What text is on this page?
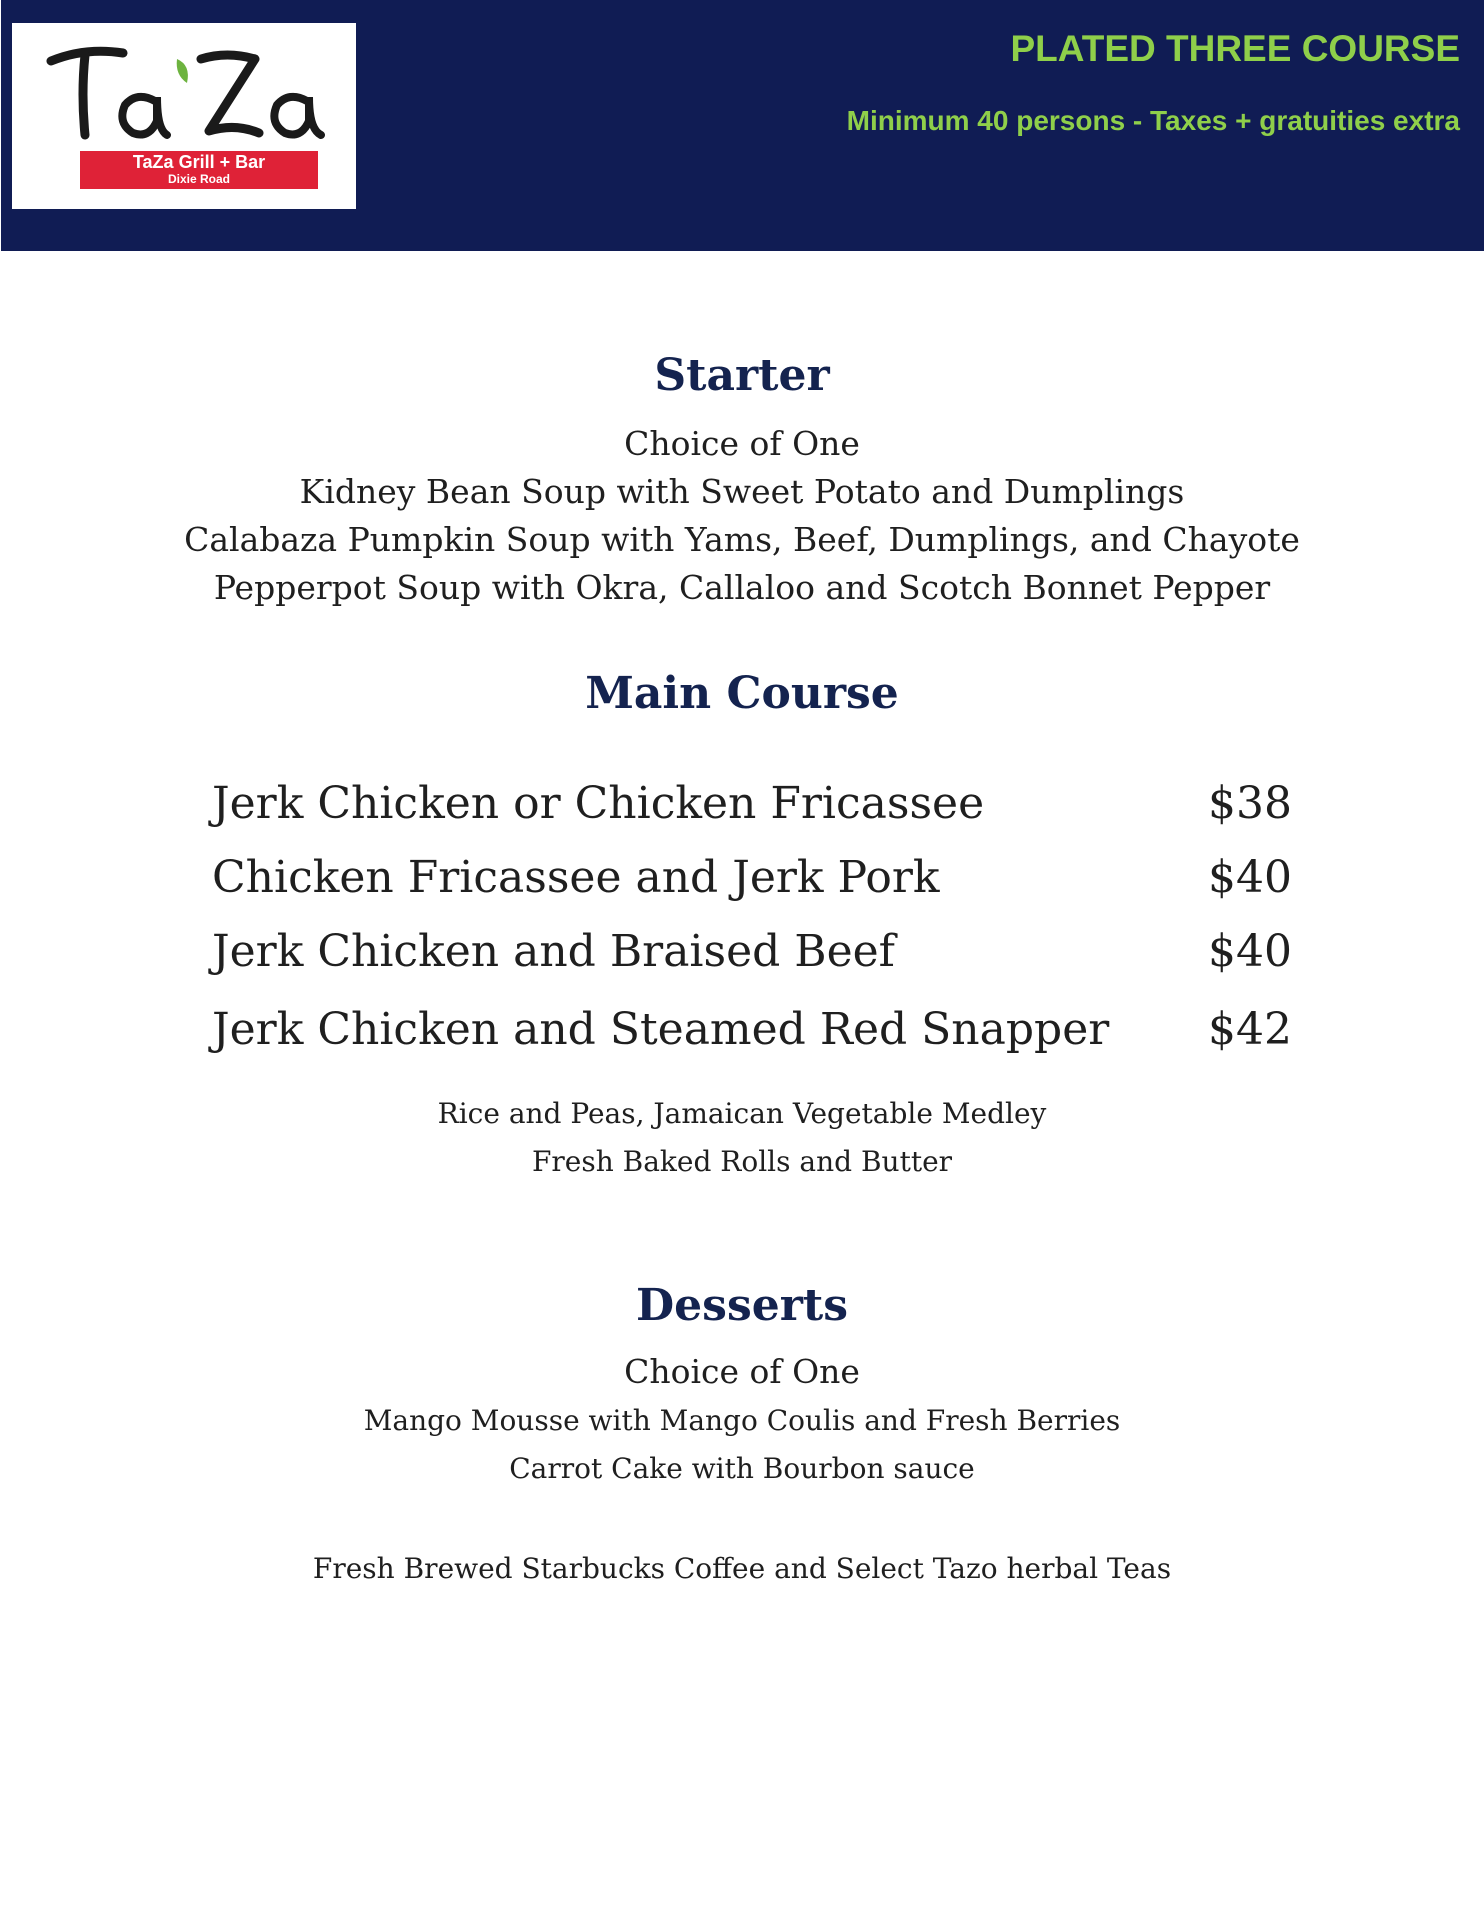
TaZa Grill + Bar
Dixie Road
PLATED THREE COURSE
Minimum 40 persons - Taxes + gratuities extra
Starter
Choice of One
Kidney Bean Soup with Sweet Potato and Dumplings
Calabaza Pumpkin Soup with Yams, Beef, Dumplings, and Chayote
Pepperpot Soup with Okra, Callaloo and Scotch Bonnet Pepper
Main Course
Jerk Chicken or Chicken Fricassee	$38
Chicken Fricassee and Jerk Pork	$40
Jerk Chicken and Braised Beef	$40
Jerk Chicken and Steamed Red Snapper $42
Rice and Peas, Jamaican Vegetable Medley
Fresh Baked Rolls and Butter
Desserts
Choice of One
Mango Mousse with Mango Coulis and Fresh Berries
Carrot Cake with Bourbon sauce
Fresh Brewed Starbucks Coffee and Select Tazo herbal Teas
